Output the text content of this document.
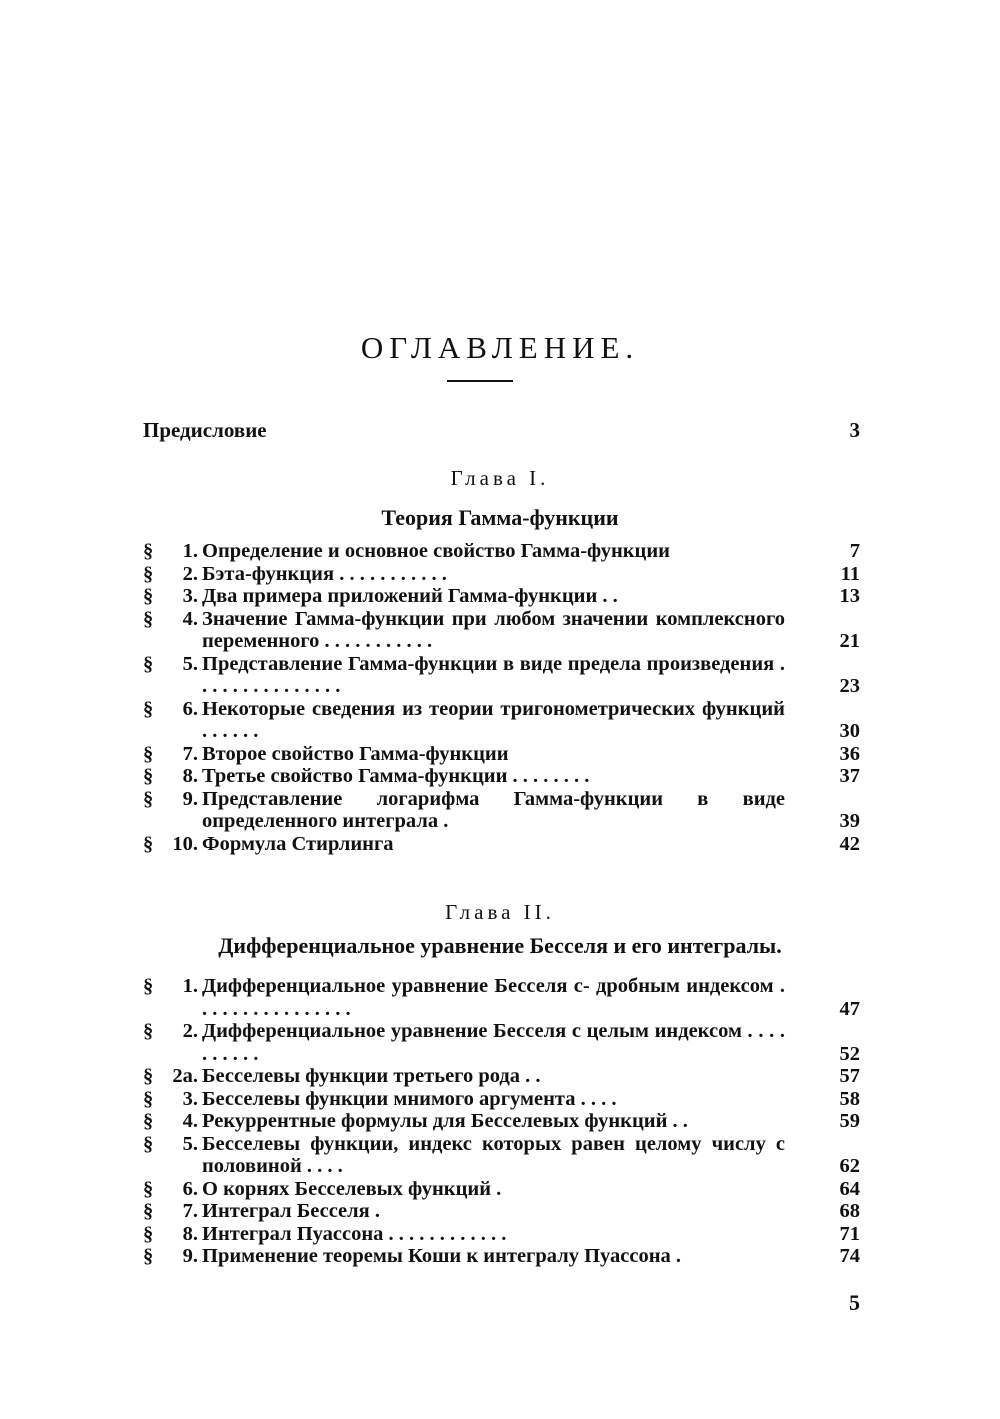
ОГЛАВЛЕНИЕ.
Предисловие	3
Глава I.
Теория Гамма-функции
§	1. Определение и основное свойство Гамма-функции	7
§	2. Бэта-функция . . . . . . . . . . .	11
§	3. Два примера приложений Гамма-функции . .	13
§	4. Значение Гамма-функции при любом значении комплексного переменного . . . . . . . . . . .	21
§	5. Представление Гамма-функции в виде предела произведения . . . . . . . . . . . . . . .	23
§	6. Некоторые сведения из теории тригонометрических функций . . . . . .	30
§	7. Второе свойство Гамма-функции	36
§	8. Третье свойство Гамма-функции . . . . . . . .	37
§	9. Представление логарифма Гамма-функции в виде определенного интеграла .	39
§ 10. Формула Стирлинга	42
Глава II.
Дифференциальное уравнение Бесселя и его интегралы.
§	1. Дифференциальное уравнение Бесселя с- дробным индексом . . . . . . . . . . . . . . . .	47
§	2. Дифференциальное уравнение Бесселя с целым индексом . . . . . . . . . .	52
§ 2а. Бесселевы функции третьего рода . .	57
§	3. Бесселевы функции мнимого аргумента . . . .	58
§	4. Рекуррентные формулы для Бесселевых функций . .	59
§	5. Бесселевы функции, индекс которых равен целому числу с половиной . . . .	62
§	6. О корнях Бесселевых функций .	64
§	7. Интеграл Бесселя .	68
§	8. Интеграл Пуассона . . . . . . . . . . . .	71
§	9. Применение теоремы Коши к интегралу Пуассона .	74
5
